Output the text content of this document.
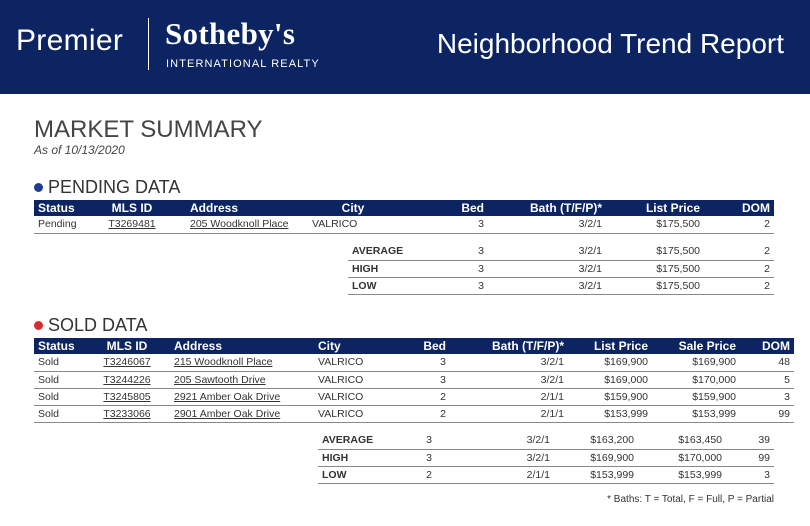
Premier Sotheby's
INTERNATIONAL REALTY
Neighborhood Trend Report
MARKET SUMMARY
As of 10/13/2020
PENDING DATA
Status	MLS ID	Address	City	Bed	Bath (T/F/P)*	List Price	DOM
Pending	T3269481	205 Woodknoll Place	VALRICO	3	3/2/1	$175,500	2
AVERAGE	3	3/2/1	$175,500	2
HIGH	3	3/2/1	$175,500	2
LOW	3	3/2/1	$175,500	2
SOLD DATA
Status	MLS ID	Address	City	Bed	Bath (T/F/P)*	List Price	Sale Price	DOM
Sold	T3246067	215 Woodknoll Place	VALRICO	3	3/2/1	$169,900	$169,900	48
Sold	T3244226	205 Sawtooth Drive	VALRICO	3	3/2/1	$169,000	$170,000	5
Sold	T3245805	2921 Amber Oak Drive	VALRICO	2	2/1/1	$159,900	$159,900	3
Sold	T3233066	2901 Amber Oak Drive	VALRICO	2	2/1/1	$153,999	$153,999	99
AVERAGE	3	3/2/1	$163,200	$163,450	39
HIGH	3	3/2/1	$169,900	$170,000	99
LOW	2	2/1/1	$153,999	$153,999	3
* Baths: T = Total, F = Full, P = Partial
